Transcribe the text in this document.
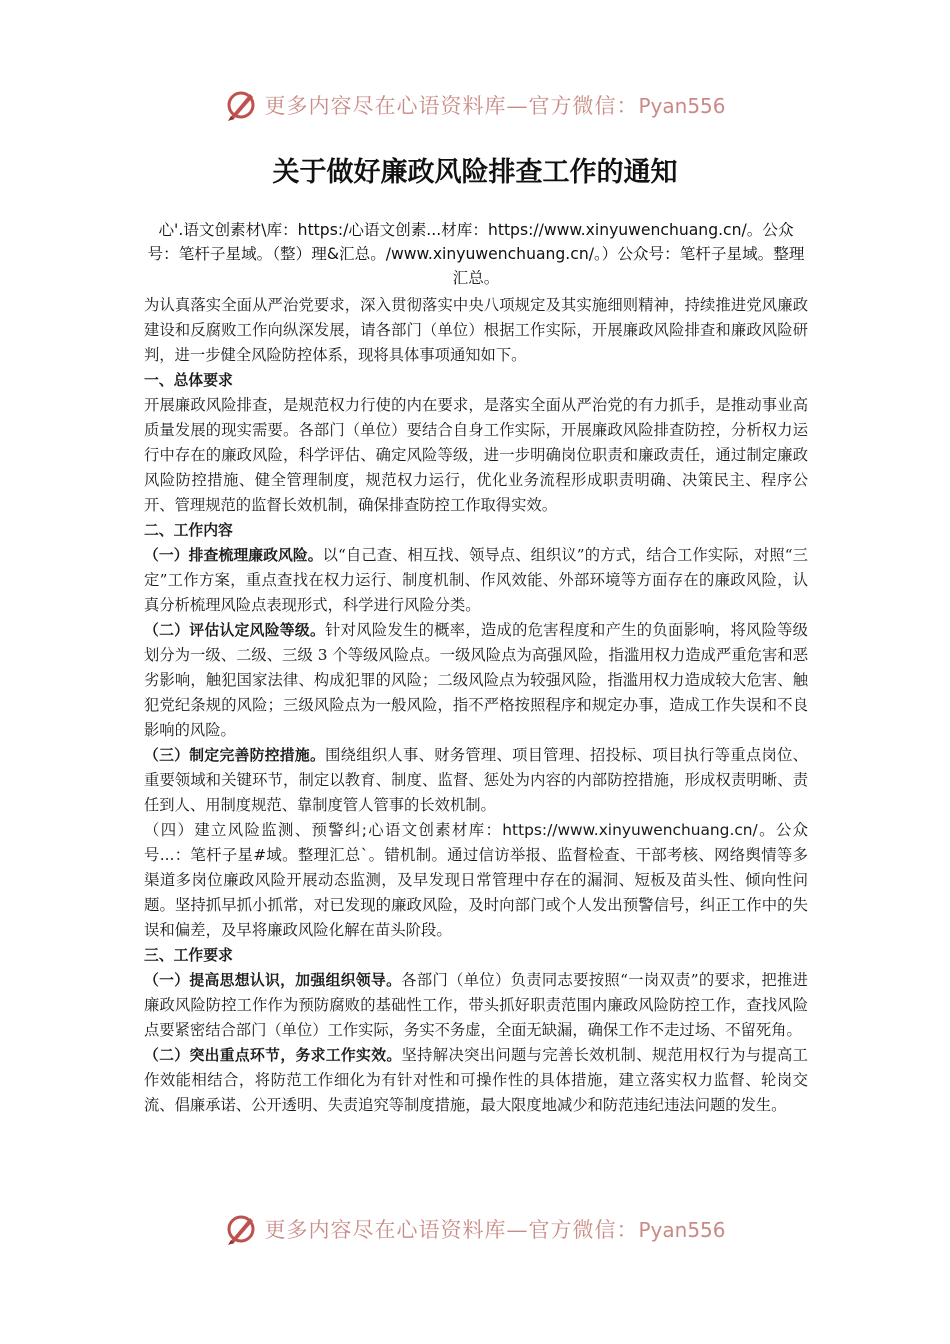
更多内容尽在心语资料库—官方微信：Pyan556
关于做好廉政风险排查工作的通知

心'.语文创素材\库：https:/心语文创素...材库：https://www.xinyuwenchuang.cn/。公众号：笔杆子星域。（整）理&汇总。/www.xinyuwenchuang.cn/。）公众号：笔杆子星域。整理汇总。

为认真落实全面从严治党要求，深入贯彻落实中央八项规定及其实施细则精神，持续推进党风廉政建设和反腐败工作向纵深发展，请各部门（单位）根据工作实际，开展廉政风险排查和廉政风险研判，进一步健全风险防控体系，现将具体事项通知如下。

一、总体要求

开展廉政风险排查，是规范权力行使的内在要求，是落实全面从严治党的有力抓手，是推动事业高质量发展的现实需要。各部门（单位）要结合自身工作实际，开展廉政风险排查防控，分析权力运行中存在的廉政风险，科学评估、确定风险等级，进一步明确岗位职责和廉政责任，通过制定廉政风险防控措施、健全管理制度，规范权力运行，优化业务流程形成职责明确、决策民主、程序公开、管理规范的监督长效机制，确保排查防控工作取得实效。

二、工作内容

（一）排查梳理廉政风险。以“自己查、相互找、领导点、组织议”的方式，结合工作实际，对照“三定”工作方案，重点查找在权力运行、制度机制、作风效能、外部环境等方面存在的廉政风险，认真分析梳理风险点表现形式，科学进行风险分类。

（二）评估认定风险等级。针对风险发生的概率，造成的危害程度和产生的负面影响，将风险等级划分为一级、二级、三级 3 个等级风险点。一级风险点为高强风险，指滥用权力造成严重危害和恶劣影响，触犯国家法律、构成犯罪的风险；二级风险点为较强风险，指滥用权力造成较大危害、触犯党纪条规的风险；三级风险点为一般风险，指不严格按照程序和规定办事，造成工作失误和不良影响的风险。

（三）制定完善防控措施。围绕组织人事、财务管理、项目管理、招投标、项目执行等重点岗位、重要领域和关键环节，制定以教育、制度、监督、惩处为内容的内部防控措施，形成权责明晰、责任到人、用制度规范、靠制度管人管事的长效机制。

（四）建立风险监测、预警纠;心语文创素材库：https://www.xinyuwenchuang.cn/。公众号...：笔杆子星#域。整理汇总`。错机制。通过信访举报、监督检查、干部考核、网络舆情等多渠道多岗位廉政风险开展动态监测，及早发现日常管理中存在的漏洞、短板及苗头性、倾向性问题。坚持抓早抓小抓常，对已发现的廉政风险，及时向部门或个人发出预警信号，纠正工作中的失误和偏差，及早将廉政风险化解在苗头阶段。

三、工作要求

（一）提高思想认识，加强组织领导。各部门（单位）负责同志要按照“一岗双责”的要求，把推进廉政风险防控工作作为预防腐败的基础性工作，带头抓好职责范围内廉政风险防控工作，查找风险点要紧密结合部门（单位）工作实际，务实不务虚，全面无缺漏，确保工作不走过场、不留死角。

（二）突出重点环节，务求工作实效。坚持解决突出问题与完善长效机制、规范用权行为与提高工作效能相结合，将防范工作细化为有针对性和可操作性的具体措施，建立落实权力监督、轮岗交流、倡廉承诺、公开透明、失责追究等制度措施，最大限度地减少和防范违纪违法问题的发生。

更多内容尽在心语资料库—官方微信：Pyan556
